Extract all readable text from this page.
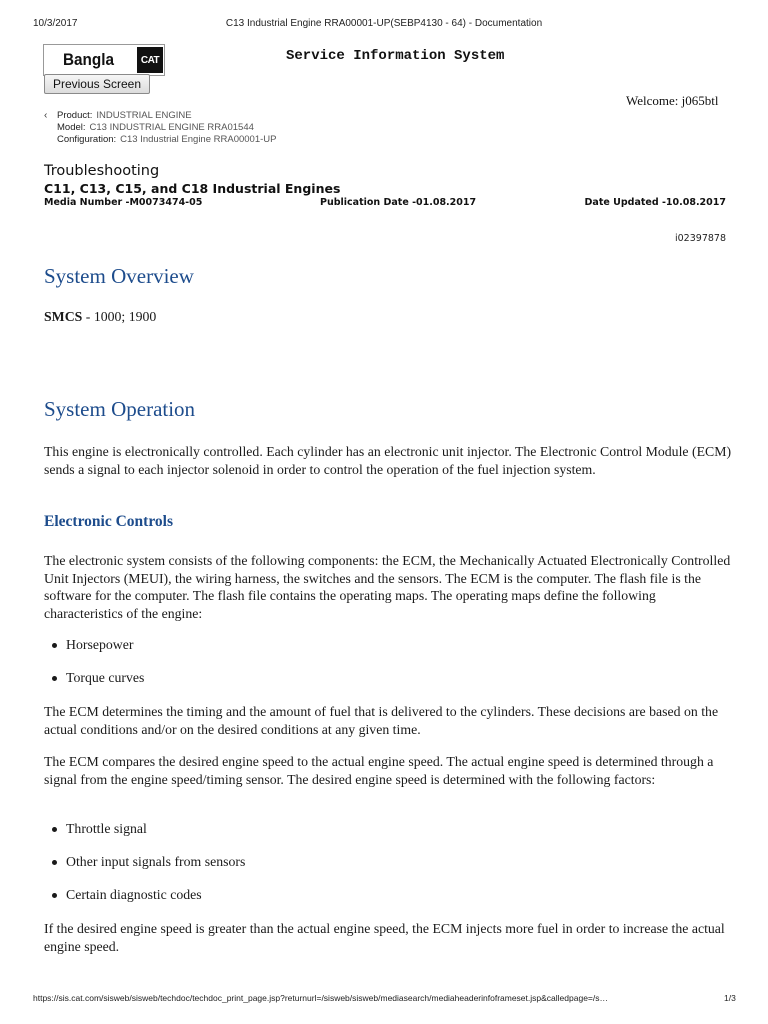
10/3/2017	C13 Industrial Engine RRA00001-UP(SEBP4130 - 64) - Documentation
Bangla	CAT
Previous Screen
Service Information System
Welcome: j065btl
‹	Product: INDUSTRIAL ENGINE
Model: C13 INDUSTRIAL ENGINE RRA01544
Configuration: C13 Industrial Engine RRA00001-UP
Troubleshooting
C11, C13, C15, and C18 Industrial Engines
Media Number -M0073474-05	Publication Date -01.08.2017	Date Updated -10.08.2017
i02397878
System Overview
SMCS - 1000; 1900
System Operation
This engine is electronically controlled. Each cylinder has an electronic unit injector. The Electronic Control Module (ECM) sends a signal to each injector solenoid in order to control the operation of the fuel injection system.
Electronic Controls
The electronic system consists of the following components: the ECM, the Mechanically Actuated Electronically Controlled Unit Injectors (MEUI), the wiring harness, the switches and the sensors. The ECM is the computer. The flash file is the software for the computer. The flash file contains the operating maps. The operating maps define the following characteristics of the engine:
Horsepower
Torque curves
The ECM determines the timing and the amount of fuel that is delivered to the cylinders. These decisions are based on the actual conditions and/or on the desired conditions at any given time.
The ECM compares the desired engine speed to the actual engine speed. The actual engine speed is determined through a signal from the engine speed/timing sensor. The desired engine speed is determined with the following factors:
Throttle signal
Other input signals from sensors
Certain diagnostic codes
If the desired engine speed is greater than the actual engine speed, the ECM injects more fuel in order to increase the actual engine speed.
https://sis.cat.com/sisweb/sisweb/techdoc/techdoc_print_page.jsp?returnurl=/sisweb/sisweb/mediasearch/mediaheaderinfoframeset.jsp&calledpage=/s…	1/3
